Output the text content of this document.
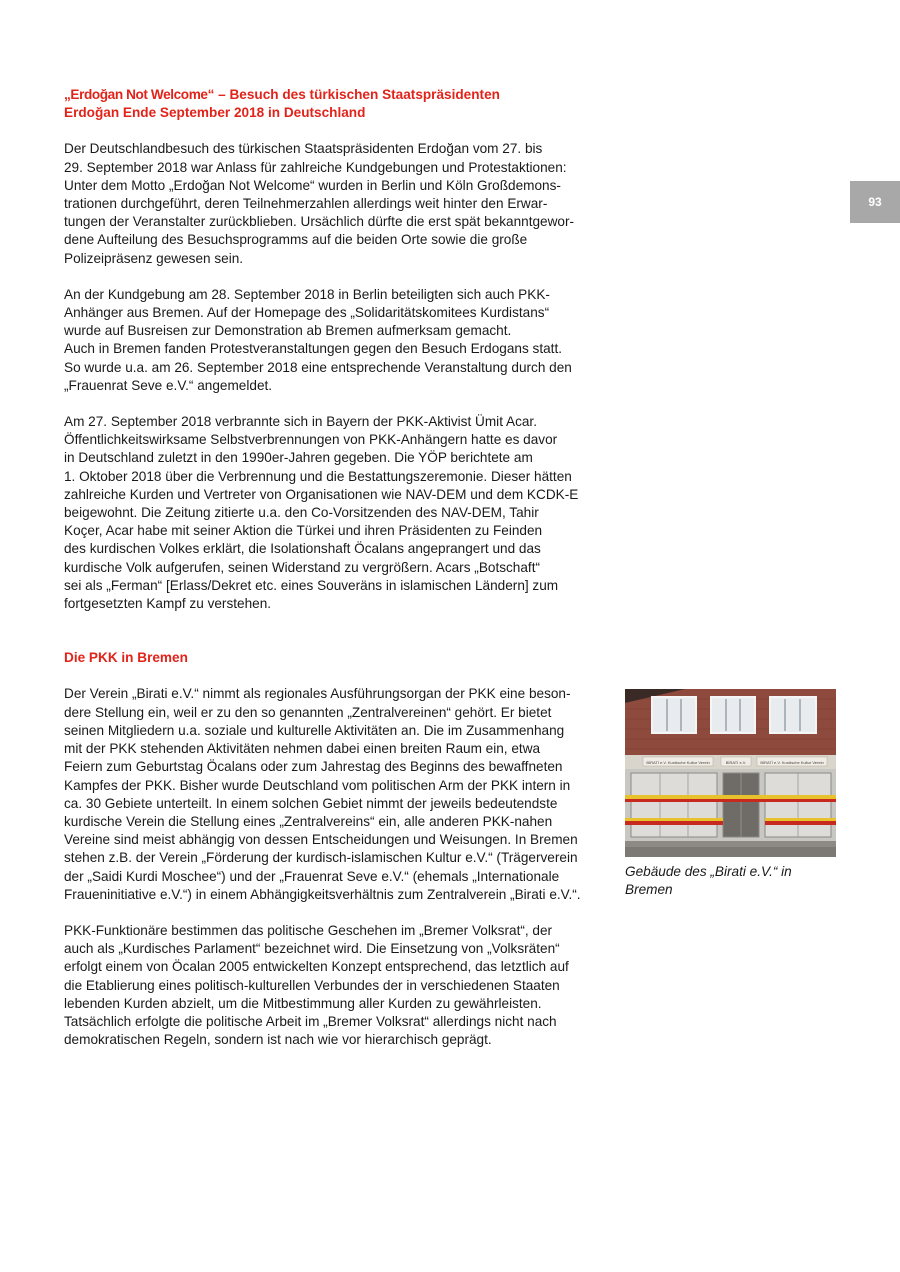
93
„Erdoğan Not Welcome“ – Besuch des türkischen Staatspräsidenten
Erdoğan Ende September 2018 in Deutschland

Der Deutschlandbesuch des türkischen Staatspräsidenten Erdoğan vom 27. bis
29. September 2018 war Anlass für zahlreiche Kundgebungen und Protestaktionen:
Unter dem Motto „Erdoğan Not Welcome“ wurden in Berlin und Köln Großdemons-
trationen durchgeführt, deren Teilnehmerzahlen allerdings weit hinter den Erwar-
tungen der Veranstalter zurückblieben. Ursächlich dürfte die erst spät bekanntgewor-
dene Aufteilung des Besuchsprogramms auf die beiden Orte sowie die große
Polizeipräsenz gewesen sein.

An der Kundgebung am 28. September 2018 in Berlin beteiligten sich auch PKK-
Anhänger aus Bremen. Auf der Homepage des „Solidaritätskomitees Kurdistans“
wurde auf Busreisen zur Demonstration ab Bremen aufmerksam gemacht.
Auch in Bremen fanden Protestveranstaltungen gegen den Besuch Erdogans statt.
So wurde u.a. am 26. September 2018 eine entsprechende Veranstaltung durch den
„Frauenrat Seve e.V.“ angemeldet.

Am 27. September 2018 verbrannte sich in Bayern der PKK-Aktivist Ümit Acar.
Öffentlichkeitswirksame Selbstverbrennungen von PKK-Anhängern hatte es davor
in Deutschland zuletzt in den 1990er-Jahren gegeben. Die YÖP berichtete am
1. Oktober 2018 über die Verbrennung und die Bestattungszeremonie. Dieser hätten
zahlreiche Kurden und Vertreter von Organisationen wie NAV-DEM und dem KCDK-E
beigewohnt. Die Zeitung zitierte u.a. den Co-Vorsitzenden des NAV-DEM, Tahir
Koçer, Acar habe mit seiner Aktion die Türkei und ihren Präsidenten zu Feinden
des kurdischen Volkes erklärt, die Isolationshaft Öcalans angeprangert und das
kurdische Volk aufgerufen, seinen Widerstand zu vergrößern. Acars „Botschaft“
sei als „Ferman“ [Erlass/Dekret etc. eines Souveräns in islamischen Ländern] zum
fortgesetzten Kampf zu verstehen.

Die PKK in Bremen

Der Verein „Birati e.V.“ nimmt als regionales Ausführungsorgan der PKK eine beson-
dere Stellung ein, weil er zu den so genannten „Zentralvereinen“ gehört. Er bietet
seinen Mitgliedern u.a. soziale und kulturelle Aktivitäten an. Die im Zusammenhang
mit der PKK stehenden Aktivitäten nehmen dabei einen breiten Raum ein, etwa
Feiern zum Geburtstag Öcalans oder zum Jahrestag des Beginns des bewaffneten
Kampfes der PKK. Bisher wurde Deutschland vom politischen Arm der PKK intern in
ca. 30 Gebiete unterteilt. In einem solchen Gebiet nimmt der jeweils bedeutendste
kurdische Verein die Stellung eines „Zentralvereins“ ein, alle anderen PKK-nahen
Vereine sind meist abhängig von dessen Entscheidungen und Weisungen. In Bremen
stehen z.B. der Verein „Förderung der kurdisch-islamischen Kultur e.V.“ (Trägerverein
der „Saidi Kurdi Moschee“) und der „Frauenrat Seve e.V.“ (ehemals „Internationale
Fraueninitiative e.V.“) in einem Abhängigkeitsverhältnis zum Zentralverein „Birati e.V.“.

PKK-Funktionäre bestimmen das politische Geschehen im „Bremer Volksrat“, der
auch als „Kurdisches Parlament“ bezeichnet wird. Die Einsetzung von „Volksräten“
erfolgt einem von Öcalan 2005 entwickelten Konzept entsprechend, das letztlich auf
die Etablierung eines politisch-kulturellen Verbundes der in verschiedenen Staaten
lebenden Kurden abzielt, um die Mitbestimmung aller Kurden zu gewährleisten.
Tatsächlich erfolgte die politische Arbeit im „Bremer Volksrat“ allerdings nicht nach
demokratischen Regeln, sondern ist nach wie vor hierarchisch geprägt.

BİRATİ e.V. Kurdische Kultur Verein	BİRATİ e.V.	BİRATİ e.V. Kurdische Kultur Verein
Gebäude des „Birati e.V.“ in
Bremen
